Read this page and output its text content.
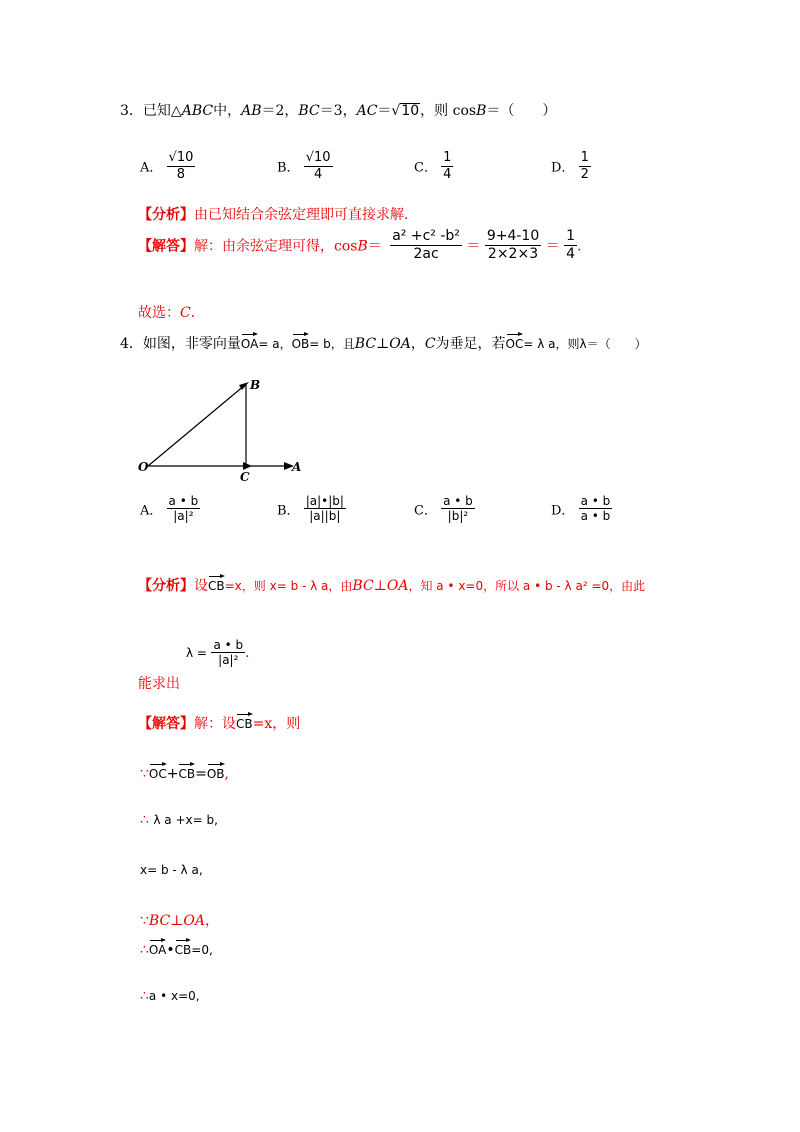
3．已知△ABC中，AB＝2，BC＝3，AC＝√10，则 cosB＝（　　）
A． $\frac{√10}{8}$	B． $\frac{√10}{4}$	C． $\frac{1}{4}$	D． $\frac{1}{2}$
【分析】由已知结合余弦定理即可直接求解．
【解答】解：由余弦定理可得，$\cos B= \frac{\text{a² +c² -b²}}{2ac} = \frac{9+4-10}{2\times 2\times 3} = \frac{1}{4}$ ．
故选：C．
4．如图，非零向量OA= a，OB= b，且BC⊥OA，C为垂足，若OC= λ a，则λ＝（　　）
B
O
C
A
A． $\frac{a • b}{\text{|a|²}}$	B． $\frac{|a|•|b|}{|a||b|}$	C． $\frac{a • b}{\text{|b|²}}$	D． $\frac{a • b}{a • b}$
【分析】设CB=x，则 x= b - λ a，由BC⊥OA，知 a • x=0，所以 a • b - λ a² =0，由此
$\lambda = \frac{a • b}{\text{|a|²}}$ ．
能求出
【解答】解：设CB=x，则
∵OC+CB=OB,
∴ λ a +x= b,
x= b - λ a,
∵BC⊥OA，
∴OA•CB=0,
∴a • x=0,
